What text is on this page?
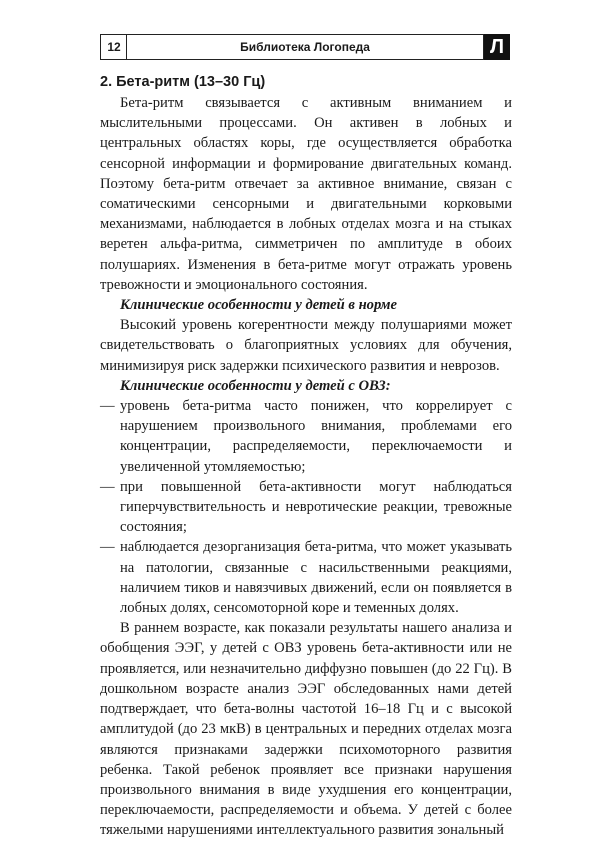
12	Библиотека Логопеда	Л
2. Бета-ритм (13–30 Гц)

Бета-ритм связывается с активным вниманием и мыслительными процессами. Он активен в лобных и центральных областях коры, где осуществляется обработка сенсорной информации и формирование двигательных команд. Поэтому бета-ритм отвечает за активное внимание, связан с соматическими сенсорными и двигательными корковыми механизмами, наблюдается в лобных отделах мозга и на стыках веретен альфа-ритма, симметричен по амплитуде в обоих полушариях. Изменения в бета-ритме могут отражать уровень тревожности и эмоционального состояния.

Клинические особенности у детей в норме

Высокий уровень когерентности между полушариями может свидетельствовать о благоприятных условиях для обучения, минимизируя риск задержки психического развития и неврозов.

Клинические особенности у детей с ОВЗ:

— уровень бета-ритма часто понижен, что коррелирует с нарушением произвольного внимания, проблемами его концентрации, распределяемости, переключаемости и увеличенной утомляемостью;
— при повышенной бета-активности могут наблюдаться гиперчувствительность и невротические реакции, тревожные состояния;
— наблюдается дезорганизация бета-ритма, что может указывать на патологии, связанные с насильственными реакциями, наличием тиков и навязчивых движений, если он появляется в лобных долях, сенсомоторной коре и теменных долях.

В раннем возрасте, как показали результаты нашего анализа и обобщения ЭЭГ, у детей с ОВЗ уровень бета-активности или не проявляется, или незначительно диффузно повышен (до 22 Гц). В дошкольном возрасте анализ ЭЭГ обследованных нами детей подтверждает, что бета-волны частотой 16–18 Гц и с высокой амплитудой (до 23 мкВ) в центральных и передних отделах мозга являются признаками задержки психомоторного развития ребенка. Такой ребенок проявляет все признаки нарушения произвольного внимания в виде ухудшения его концентрации, переключаемости, распределяемости и объема. У детей с более тяжелыми нарушениями интеллектуального развития зональный
